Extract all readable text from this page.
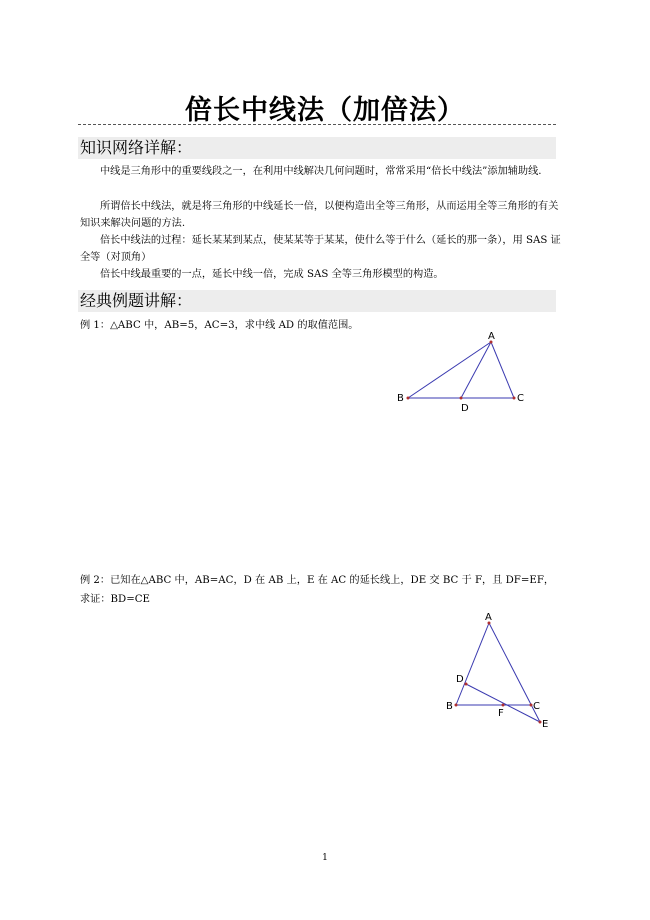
倍长中线法（加倍法）
知识网络详解：
中线是三角形中的重要线段之一，在利用中线解决几何问题时，常常采用“倍长中线法”添加辅助线.
所谓倍长中线法，就是将三角形的中线延长一倍，以便构造出全等三角形，从而运用全等三角形的有关知识来解决问题的方法.
倍长中线法的过程：延长某某到某点，使某某等于某某，使什么等于什么（延长的那一条），用 SAS 证全等（对顶角）
倍长中线最重要的一点，延长中线一倍，完成 SAS 全等三角形模型的构造。
经典例题讲解：
例 1：△ABC 中，AB=5，AC=3，求中线 AD 的取值范围。
A
B	C
D
A
B	C
D
E
F
例 2：已知在△ABC 中，AB=AC，D 在 AB 上，E 在 AC 的延长线上，DE 交 BC 于 F，且 DF=EF，
求证：BD=CE
1
